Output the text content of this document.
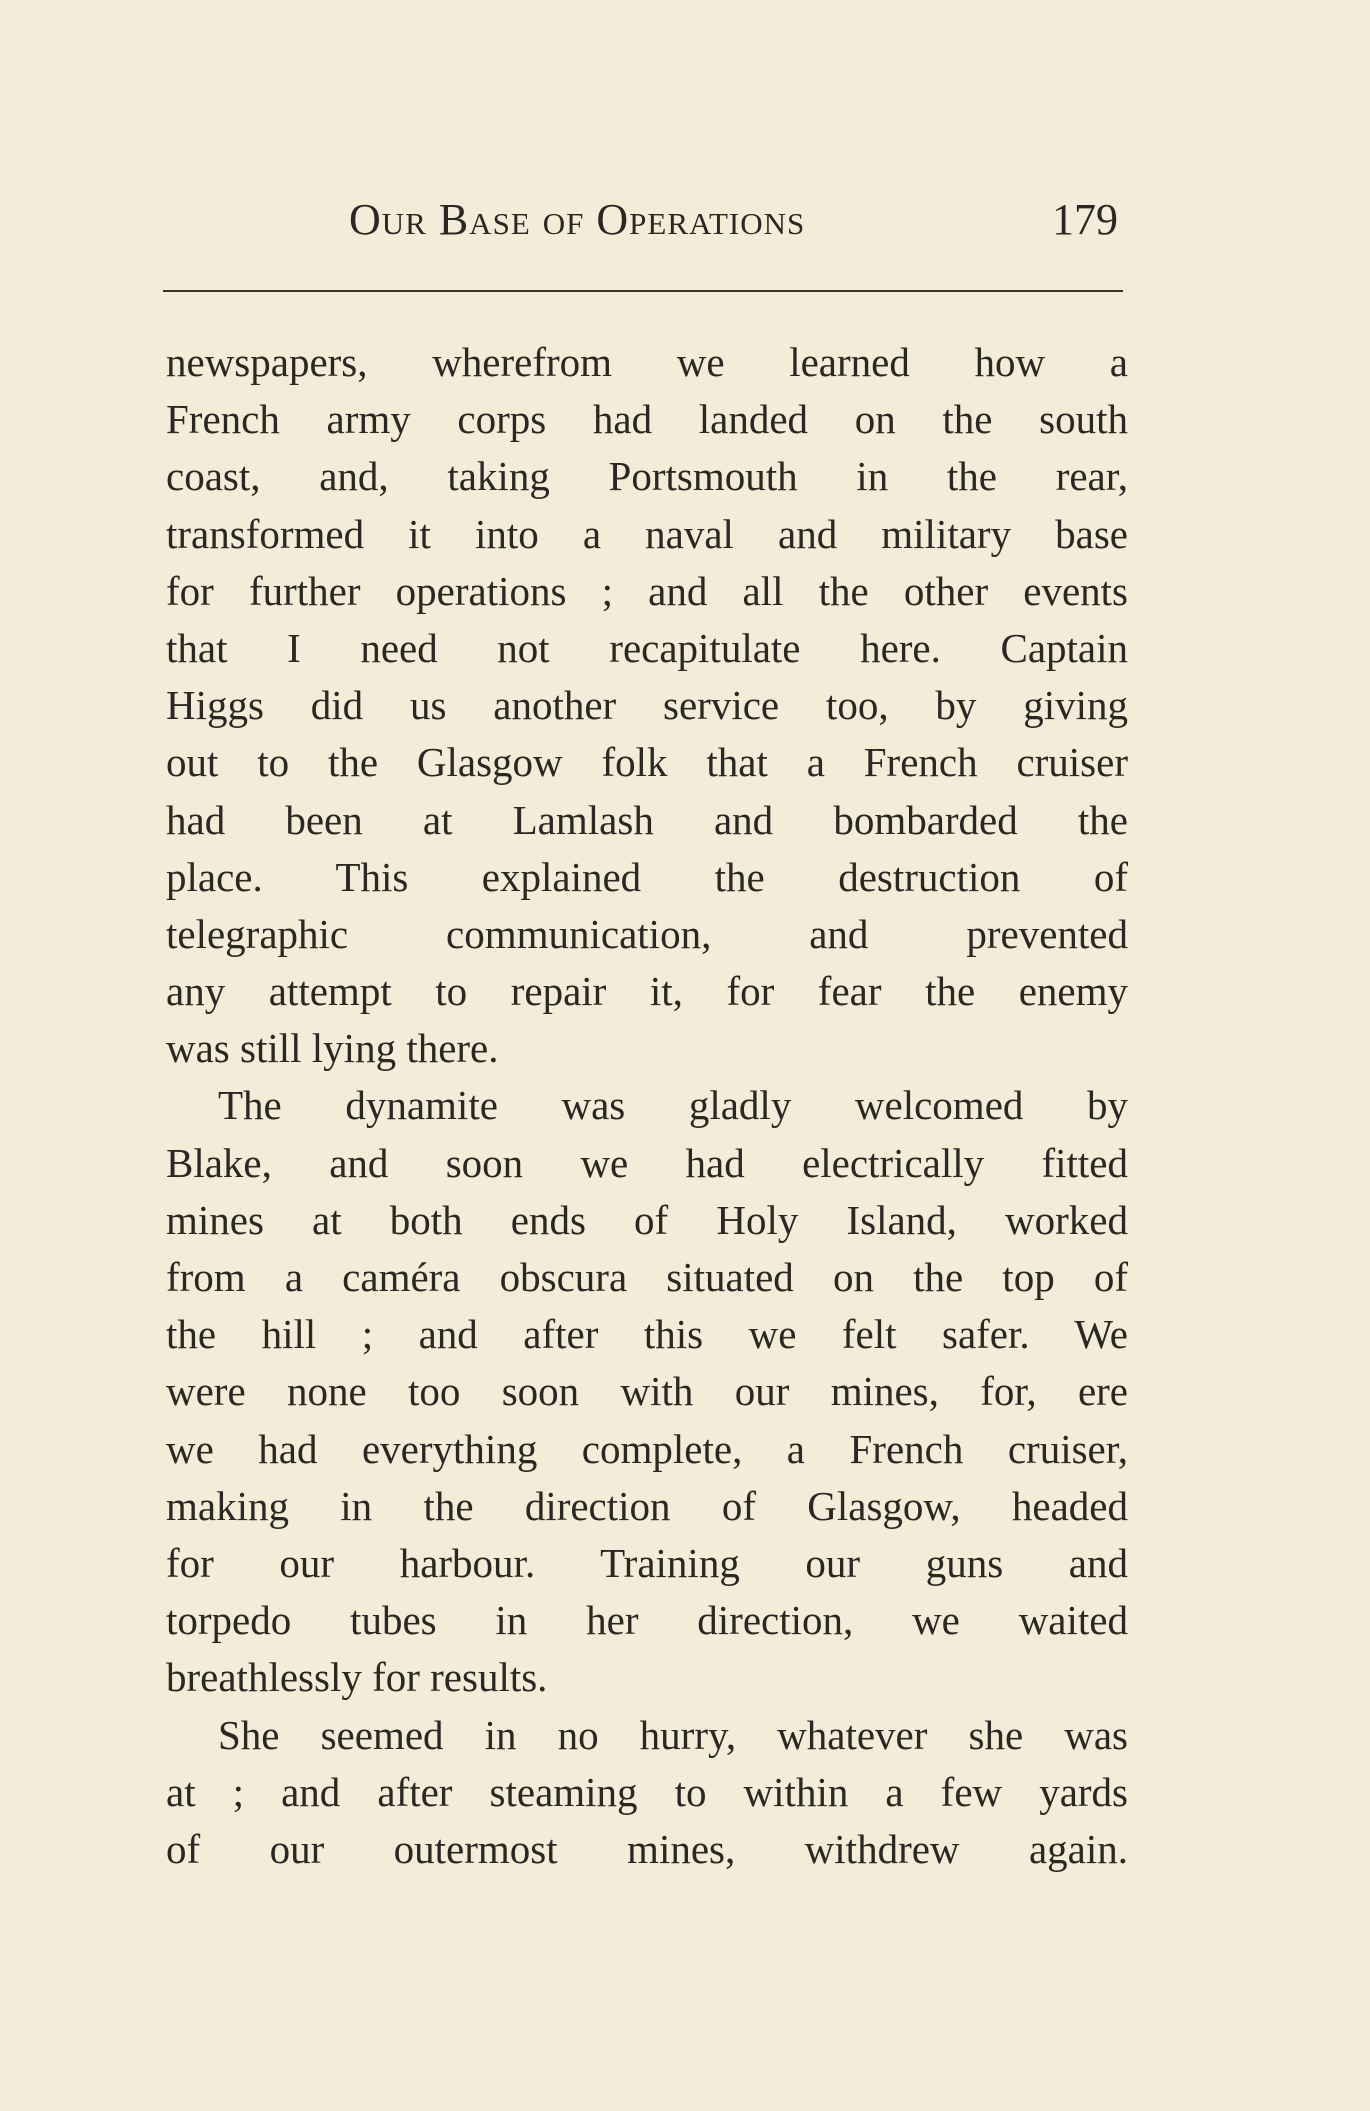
Our Base of Operations	179
newspapers, wherefrom we learned how a
French army corps had landed on the south
coast, and, taking Portsmouth in the rear,
transformed it into a naval and military base
for further operations ; and all the other events
that I need not recapitulate here. Captain
Higgs did us another service too, by giving
out to the Glasgow folk that a French cruiser
had been at Lamlash and bombarded the
place. This explained the destruction of
telegraphic communication, and prevented
any attempt to repair it, for fear the enemy
was still lying there.
The dynamite was gladly welcomed by
Blake, and soon we had electrically fitted
mines at both ends of Holy Island, worked
from a caméra obscura situated on the top of
the hill ; and after this we felt safer. We
were none too soon with our mines, for, ere
we had everything complete, a French cruiser,
making in the direction of Glasgow, headed
for our harbour. Training our guns and
torpedo tubes in her direction, we waited
breathlessly for results.
She seemed in no hurry, whatever she was
at ; and after steaming to within a few yards
of our outermost mines, withdrew again.
